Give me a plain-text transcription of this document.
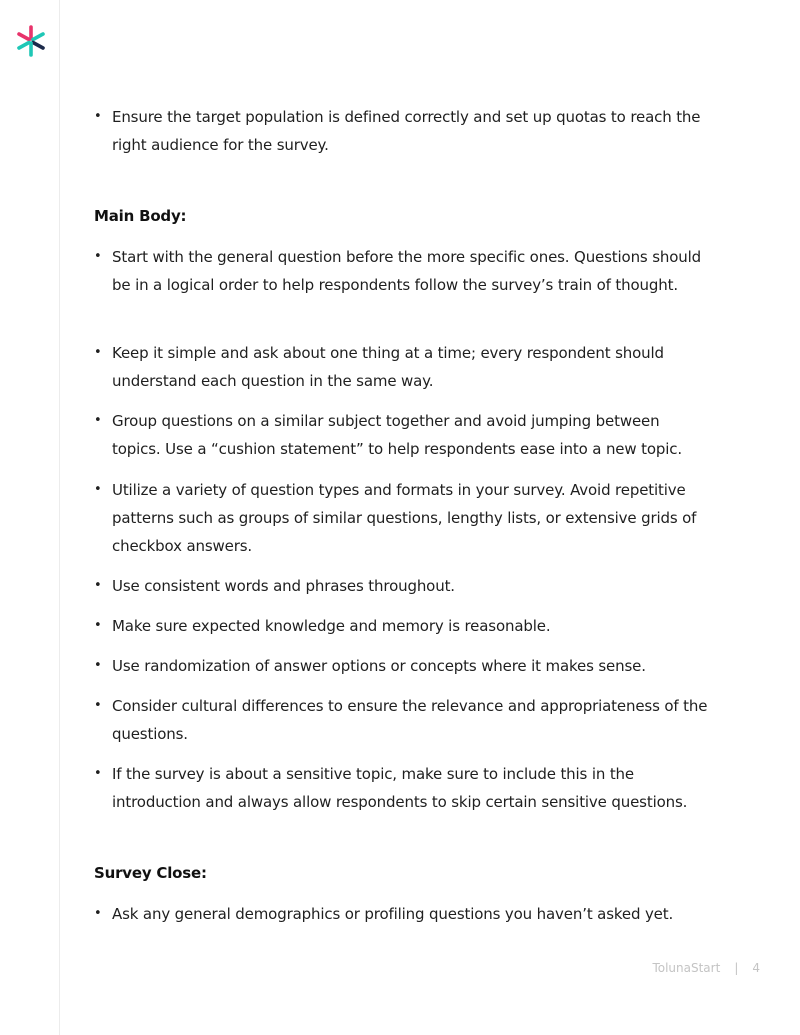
• Ensure the target population is defined correctly and set up quotas to reach the right audience for the survey.
Main Body:
• Start with the general question before the more specific ones. Questions should be in a logical order to help respondents follow the survey’s train of thought.
• Keep it simple and ask about one thing at a time; every respondent should understand each question in the same way.
• Group questions on a similar subject together and avoid jumping between topics. Use a “cushion statement” to help respondents ease into a new topic.
• Utilize a variety of question types and formats in your survey. Avoid repetitive patterns such as groups of similar questions, lengthy lists, or extensive grids of checkbox answers.
• Use consistent words and phrases throughout.
• Make sure expected knowledge and memory is reasonable.
• Use randomization of answer options or concepts where it makes sense.
• Consider cultural differences to ensure the relevance and appropriateness of the questions.
• If the survey is about a sensitive topic, make sure to include this in the introduction and always allow respondents to skip certain sensitive questions.
Survey Close:
• Ask any general demographics or profiling questions you haven’t asked yet.
TolunaStart | 4
